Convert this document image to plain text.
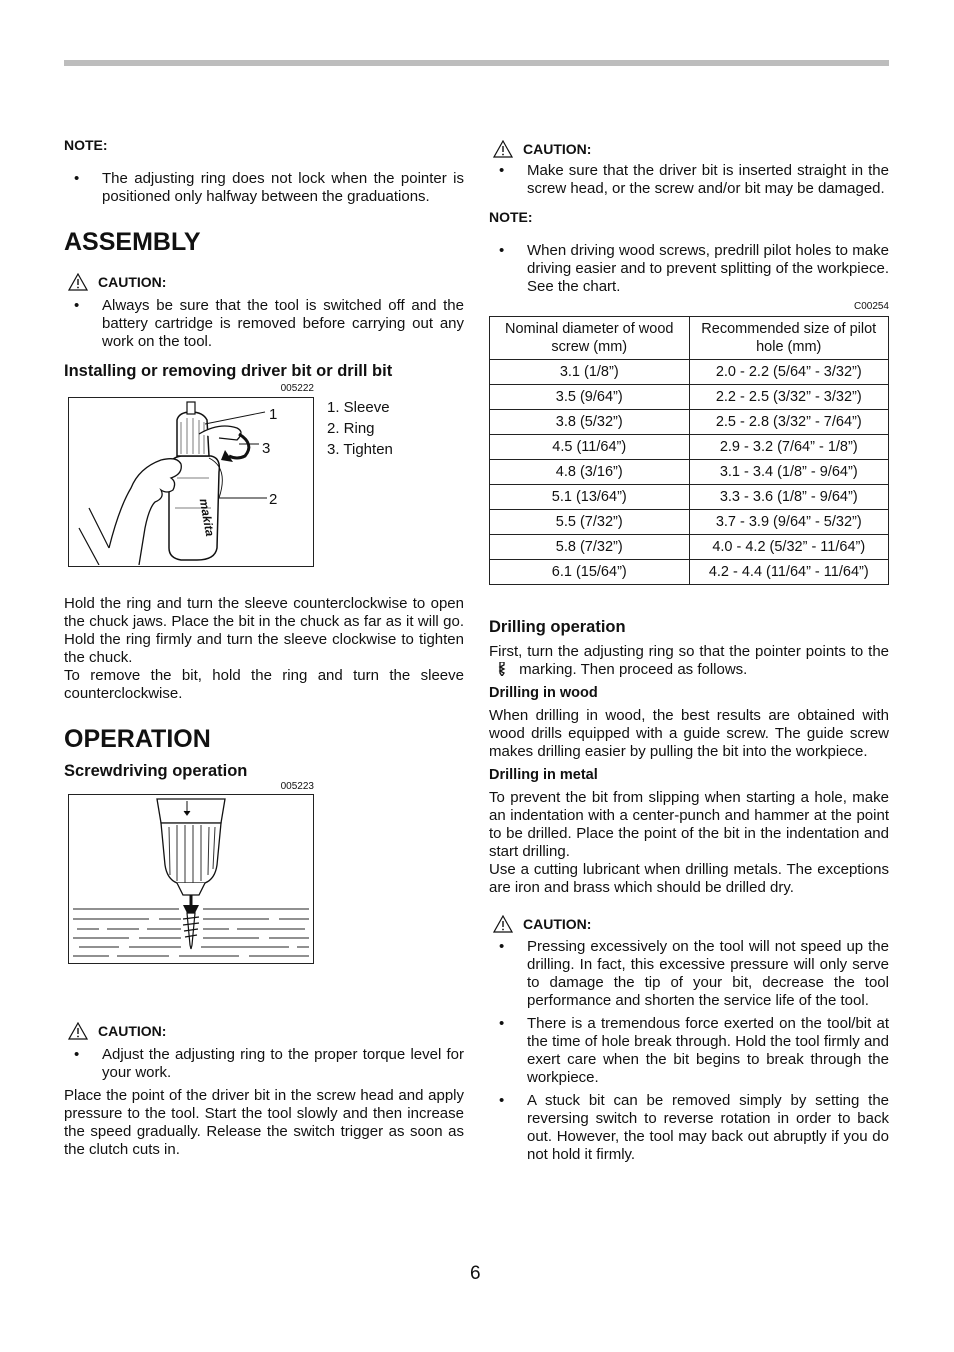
NOTE:
• The adjusting ring does not lock when the pointer is positioned only halfway between the graduations.
ASSEMBLY
CAUTION:
• Always be sure that the tool is switched off and the battery cartridge is removed before carrying out any work on the tool.
Installing or removing driver bit or drill bit
005222
makita
1
3
2
1. Sleeve
2. Ring
3. Tighten

Hold the ring and turn the sleeve counterclockwise to open the chuck jaws. Place the bit in the chuck as far as it will go. Hold the ring firmly and turn the sleeve clockwise to tighten the chuck.

To remove the bit, hold the ring and turn the sleeve counterclockwise.

OPERATION
Screwdriving operation
005223
CAUTION:
• Adjust the adjusting ring to the proper torque level for your work.

Place the point of the driver bit in the screw head and apply pressure to the tool. Start the tool slowly and then increase the speed gradually. Release the switch trigger as soon as the clutch cuts in.

CAUTION:
• Make sure that the driver bit is inserted straight in the screw head, or the screw and/or bit may be damaged.
NOTE:
• When driving wood screws, predrill pilot holes to make driving easier and to prevent splitting of the workpiece. See the chart.
C00254
Nominal diameter of wood screw (mm)	Recommended size of pilot hole (mm)
3.1 (1/8”)	2.0 - 2.2 (5/64” - 3/32”)
3.5 (9/64”)	2.2 - 2.5 (3/32” - 3/32”)
3.8 (5/32”)	2.5 - 2.8 (3/32” - 7/64”)
4.5 (11/64”)	2.9 - 3.2 (7/64” - 1/8”)
4.8 (3/16”)	3.1 - 3.4 (1/8” - 9/64”)
5.1 (13/64”)	3.3 - 3.6 (1/8” - 9/64”)
5.5 (7/32”)	3.7 - 3.9 (9/64” - 5/32”)
5.8 (7/32”)	4.0 - 4.2 (5/32” - 11/64”)
6.1 (15/64”)	4.2 - 4.4 (11/64” - 11/64”)
Drilling operation

First, turn the adjusting ring so that the pointer points to the  marking. Then proceed as follows.

Drilling in wood

When drilling in wood, the best results are obtained with wood drills equipped with a guide screw. The guide screw makes drilling easier by pulling the bit into the workpiece.

Drilling in metal

To prevent the bit from slipping when starting a hole, make an indentation with a center-punch and hammer at the point to be drilled. Place the point of the bit in the indentation and start drilling.

Use a cutting lubricant when drilling metals. The exceptions are iron and brass which should be drilled dry.

CAUTION:
• Pressing excessively on the tool will not speed up the drilling. In fact, this excessive pressure will only serve to damage the tip of your bit, decrease the tool performance and shorten the service life of the tool.
• There is a tremendous force exerted on the tool/bit at the time of hole break through. Hold the tool firmly and exert care when the bit begins to break through the workpiece.
• A stuck bit can be removed simply by setting the reversing switch to reverse rotation in order to back out. However, the tool may back out abruptly if you do not hold it firmly.
6
